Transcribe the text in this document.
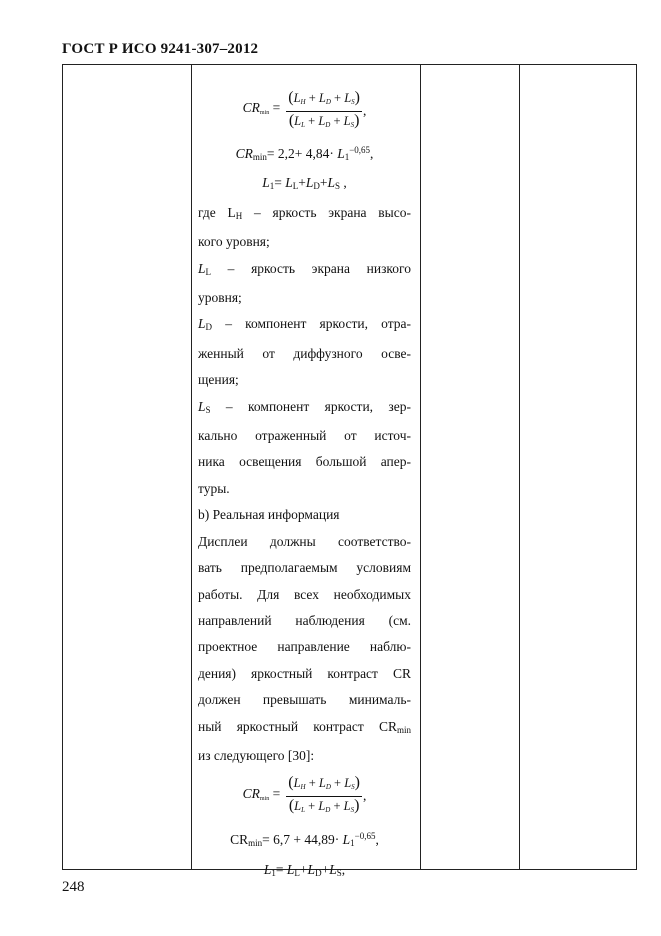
ГОСТ Р ИСО 9241-307–2012
$CR_{min} = \frac{(L_H + L_D + L_S)}{(L_L + L_D + L_S)}$ ,
$CR_{min}= 2,2+ 4,84\cdot L_1^{-0,65}$,
$L_1= L_L+L_D+L_S$ ,
где $L_H$ – яркость экрана высо-
кого уровня;
$L_L$ – яркость экрана низкого
уровня;
$L_D$ – компонент яркости, отра-
женный от диффузного осве-
щения;
$L_S$ – компонент яркости, зер-
кально отраженный от источ-
ника освещения большой апер-
туры.
b) Реальная информация
Дисплеи должны соответство-
вать предполагаемым условиям
работы. Для всех необходимых
направлений наблюдения (см.
проектное направление наблю-
дения) яркостный контраст CR
должен превышать минималь-
ный яркостный контраст $CR_{min}$
из следующего [30]:
$CR_{min} = \frac{(L_H + L_D + L_S)}{(L_L + L_D + L_S)}$ ,
$CR_{min}= 6,7 + 44,89\cdot L_1^{-0,65}$,
$L_1= L_L+L_D+L_S$,
248
